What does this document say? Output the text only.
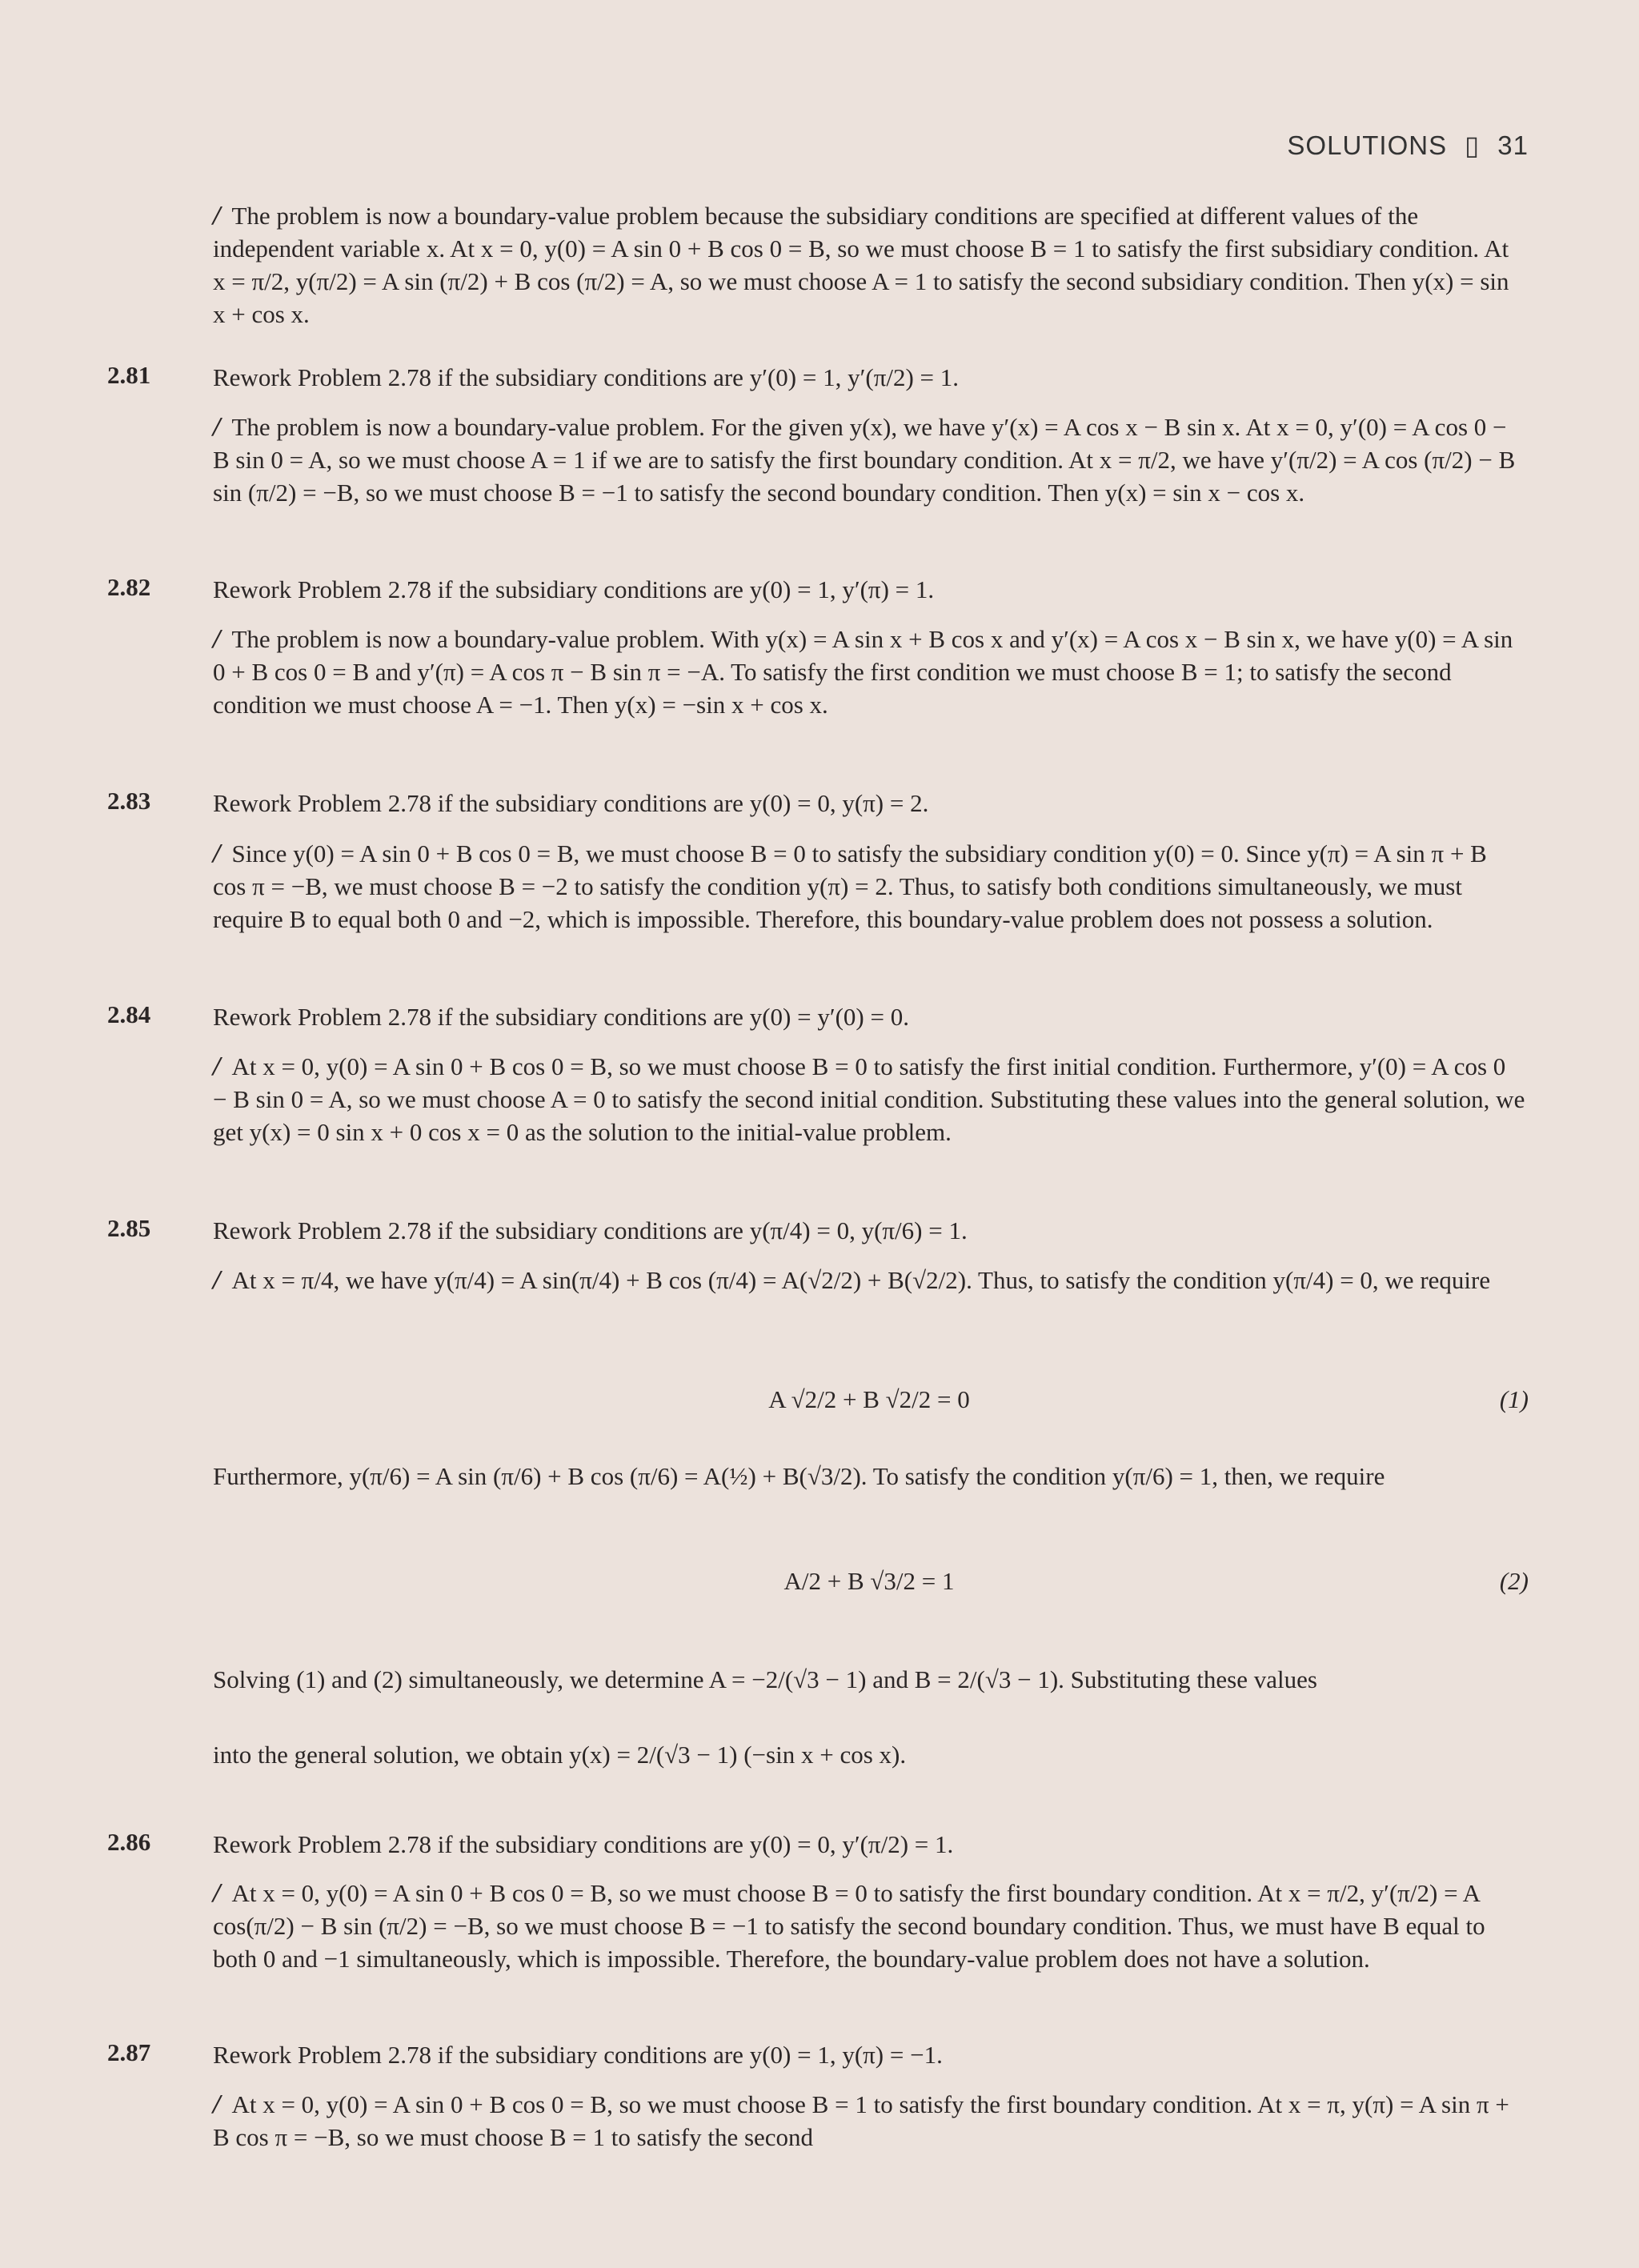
SOLUTIONS ▯ 31
/ The problem is now a boundary-value problem because the subsidiary conditions are specified at different values of the independent variable x. At x = 0, y(0) = A sin 0 + B cos 0 = B, so we must choose B = 1 to satisfy the first subsidiary condition. At x = π/2, y(π/2) = A sin (π/2) + B cos (π/2) = A, so we must choose A = 1 to satisfy the second subsidiary condition. Then y(x) = sin x + cos x.
2.81	Rework Problem 2.78 if the subsidiary conditions are y′(0) = 1, y′(π/2) = 1.
/ The problem is now a boundary-value problem. For the given y(x), we have y′(x) = A cos x − B sin x. At x = 0, y′(0) = A cos 0 − B sin 0 = A, so we must choose A = 1 if we are to satisfy the first boundary condition. At x = π/2, we have y′(π/2) = A cos (π/2) − B sin (π/2) = −B, so we must choose B = −1 to satisfy the second boundary condition. Then y(x) = sin x − cos x.
2.82	Rework Problem 2.78 if the subsidiary conditions are y(0) = 1, y′(π) = 1.
/ The problem is now a boundary-value problem. With y(x) = A sin x + B cos x and y′(x) = A cos x − B sin x, we have y(0) = A sin 0 + B cos 0 = B and y′(π) = A cos π − B sin π = −A. To satisfy the first condition we must choose B = 1; to satisfy the second condition we must choose A = −1. Then y(x) = −sin x + cos x.
2.83	Rework Problem 2.78 if the subsidiary conditions are y(0) = 0, y(π) = 2.
/ Since y(0) = A sin 0 + B cos 0 = B, we must choose B = 0 to satisfy the subsidiary condition y(0) = 0. Since y(π) = A sin π + B cos π = −B, we must choose B = −2 to satisfy the condition y(π) = 2. Thus, to satisfy both conditions simultaneously, we must require B to equal both 0 and −2, which is impossible. Therefore, this boundary-value problem does not possess a solution.
2.84	Rework Problem 2.78 if the subsidiary conditions are y(0) = y′(0) = 0.
/ At x = 0, y(0) = A sin 0 + B cos 0 = B, so we must choose B = 0 to satisfy the first initial condition. Furthermore, y′(0) = A cos 0 − B sin 0 = A, so we must choose A = 0 to satisfy the second initial condition. Substituting these values into the general solution, we get y(x) = 0 sin x + 0 cos x = 0 as the solution to the initial-value problem.
2.85	Rework Problem 2.78 if the subsidiary conditions are y(π/4) = 0, y(π/6) = 1.
/ At x = π/4, we have y(π/4) = A sin(π/4) + B cos (π/4) = A(√2/2) + B(√2/2). Thus, to satisfy the condition y(π/4) = 0, we require
A √2/2 + B √2/2 = 0	(1)
Furthermore, y(π/6) = A sin (π/6) + B cos (π/6) = A(½) + B(√3/2). To satisfy the condition y(π/6) = 1, then, we require
A/2 + B √3/2 = 1	(2)
Solving (1) and (2) simultaneously, we determine A = −2/(√3 − 1) and B = 2/(√3 − 1). Substituting these values
into the general solution, we obtain y(x) = 2/(√3 − 1) (−sin x + cos x).
2.86	Rework Problem 2.78 if the subsidiary conditions are y(0) = 0, y′(π/2) = 1.
/ At x = 0, y(0) = A sin 0 + B cos 0 = B, so we must choose B = 0 to satisfy the first boundary condition. At x = π/2, y′(π/2) = A cos(π/2) − B sin (π/2) = −B, so we must choose B = −1 to satisfy the second boundary condition. Thus, we must have B equal to both 0 and −1 simultaneously, which is impossible. Therefore, the boundary-value problem does not have a solution.
2.87	Rework Problem 2.78 if the subsidiary conditions are y(0) = 1, y(π) = −1.
/ At x = 0, y(0) = A sin 0 + B cos 0 = B, so we must choose B = 1 to satisfy the first boundary condition. At x = π, y(π) = A sin π + B cos π = −B, so we must choose B = 1 to satisfy the second
